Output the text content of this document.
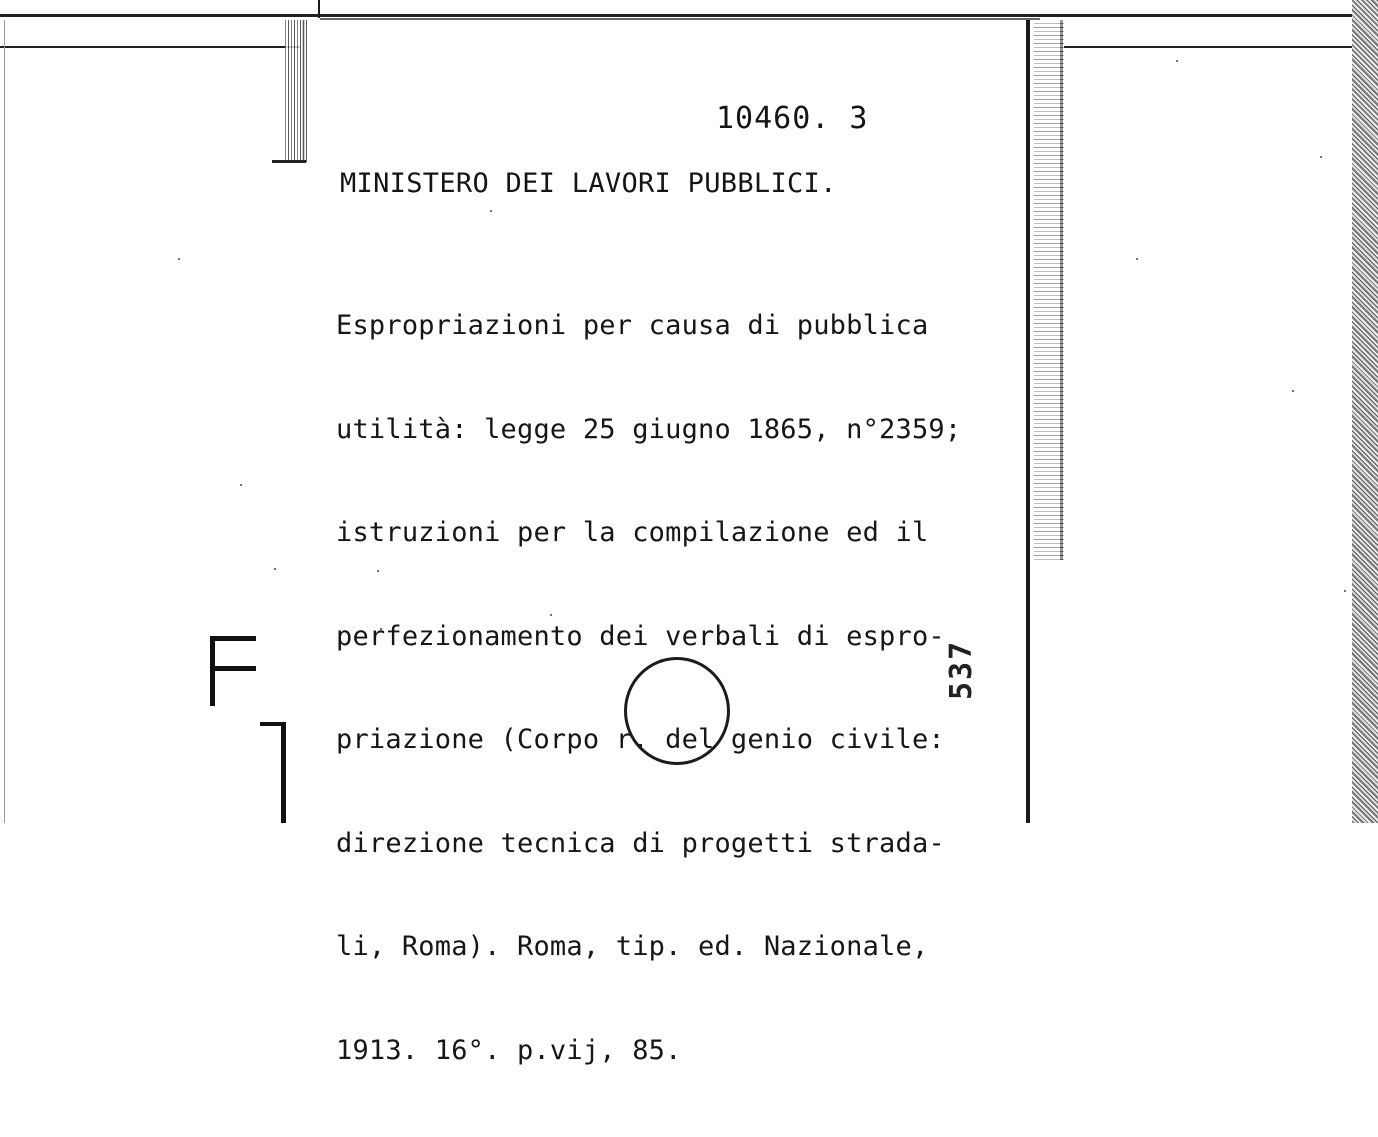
10460. 3
MINISTERO DEI LAVORI PUBBLICI.

Espropriazioni per causa di pubblica

utilità: legge 25 giugno 1865, n°2359;

istruzioni per la compilazione ed il

perfezionamento dei verbali di espro-

priazione (Corpo r. del genio civile:

direzione tecnica di progetti strada-

li, Roma). Roma, tip. ed. Nazionale,

1913. 16°. p.vij, 85.

537
